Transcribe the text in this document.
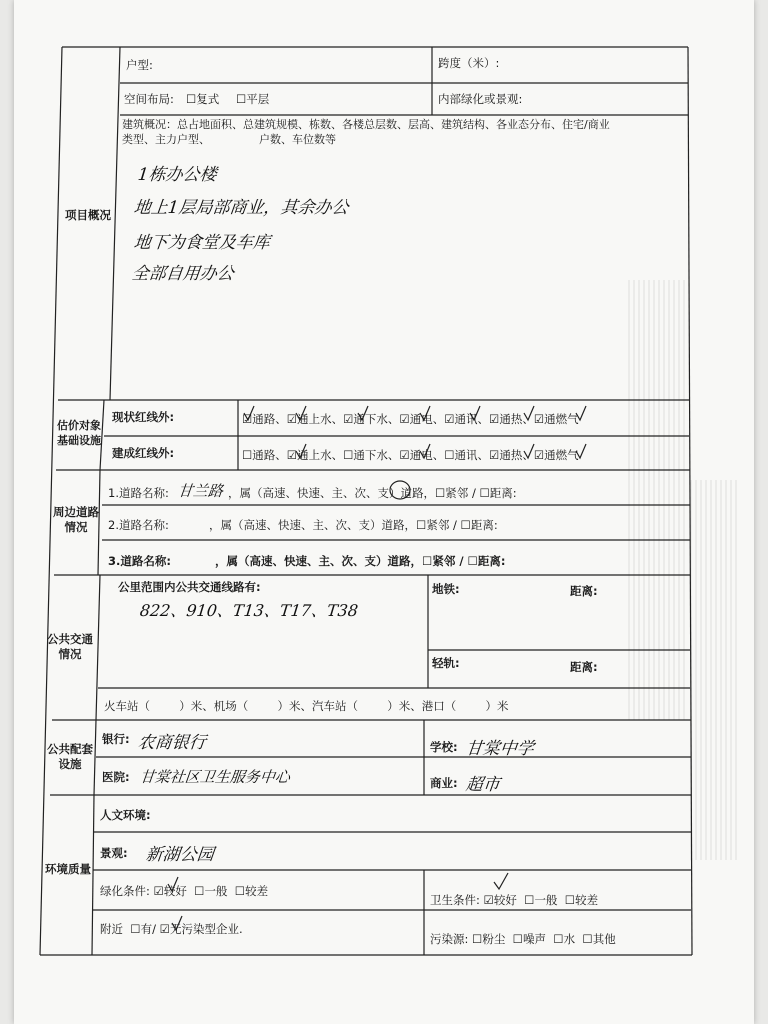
户型:	跨度（米）:
空间布局: ☐复式 ☐平层	内部绿化或景观:
项目概况
建筑概况：总占地面积、总建筑规模、栋数、各楼总层数、层高、建筑结构、各业态分布、住宅/商业
类型、主力户型、              户数、车位数等
1栋办公楼
地上1层局部商业，其余办公
地下为食堂及车库
全部自用办公
估价对象基础设施
现状红线外:	☑通路、☑通上水、☑通下水、☑通电、☑通讯、☑通热、☑通燃气
建成红线外:	☐通路、☑通上水、☐通下水、☑通电、☐通讯、☑通热、☑通燃气
周边道路情况
1.道路名称: 甘兰路 ，属（高速、快速、主、次、支）道路，☐紧邻 / ☐距离:
2.道路名称:           ，属（高速、快速、主、次、支）道路，☐紧邻 / ☐距离:
3.道路名称:           ，属（高速、快速、主、次、支）道路，☐紧邻 / ☐距离:
公共交通情况
公里范围内公共交通线路有:
822、910、T13、T17、T38
地铁:	距离:
轻轨:	距离:
火车站（        ）米、机场（        ）米、汽车站（        ）米、港口（        ）米
公共配套设施
银行: 农商银行	学校: 甘棠中学
医院: 甘棠社区卫生服务中心	商业: 超市
环境质量
人文环境:
景观: 新湖公园
绿化条件: ☑较好  ☐一般  ☐较差
卫生条件: ☑较好  ☐一般  ☐较差
附近  ☐有/ ☑无污染型企业.
污染源: ☐粉尘  ☐噪声  ☐水  ☐其他
